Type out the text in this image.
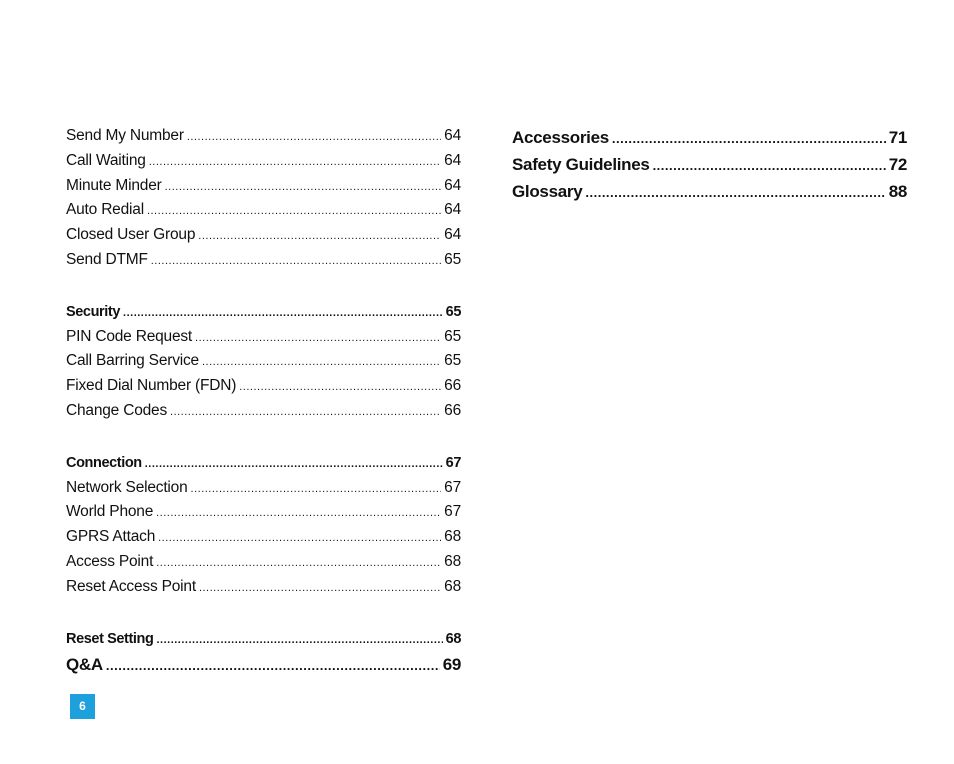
Send My Number .....	64
Call Waiting .....	64
Minute Minder .....	64
Auto Redial .....	64
Closed User Group .....	64
Send DTMF .....	65
Security .....	65
PIN Code Request .....	65
Call Barring Service .....	65
Fixed Dial Number (FDN) .....	66
Change Codes .....	66
Connection .....	67
Network Selection .....	67
World Phone .....	67
GPRS Attach .....	68
Access Point .....	68
Reset Access Point .....	68
Reset Setting .....	68
Q&A .....	69
Accessories .....	71
Safety Guidelines .....	72
Glossary .....	88
6
